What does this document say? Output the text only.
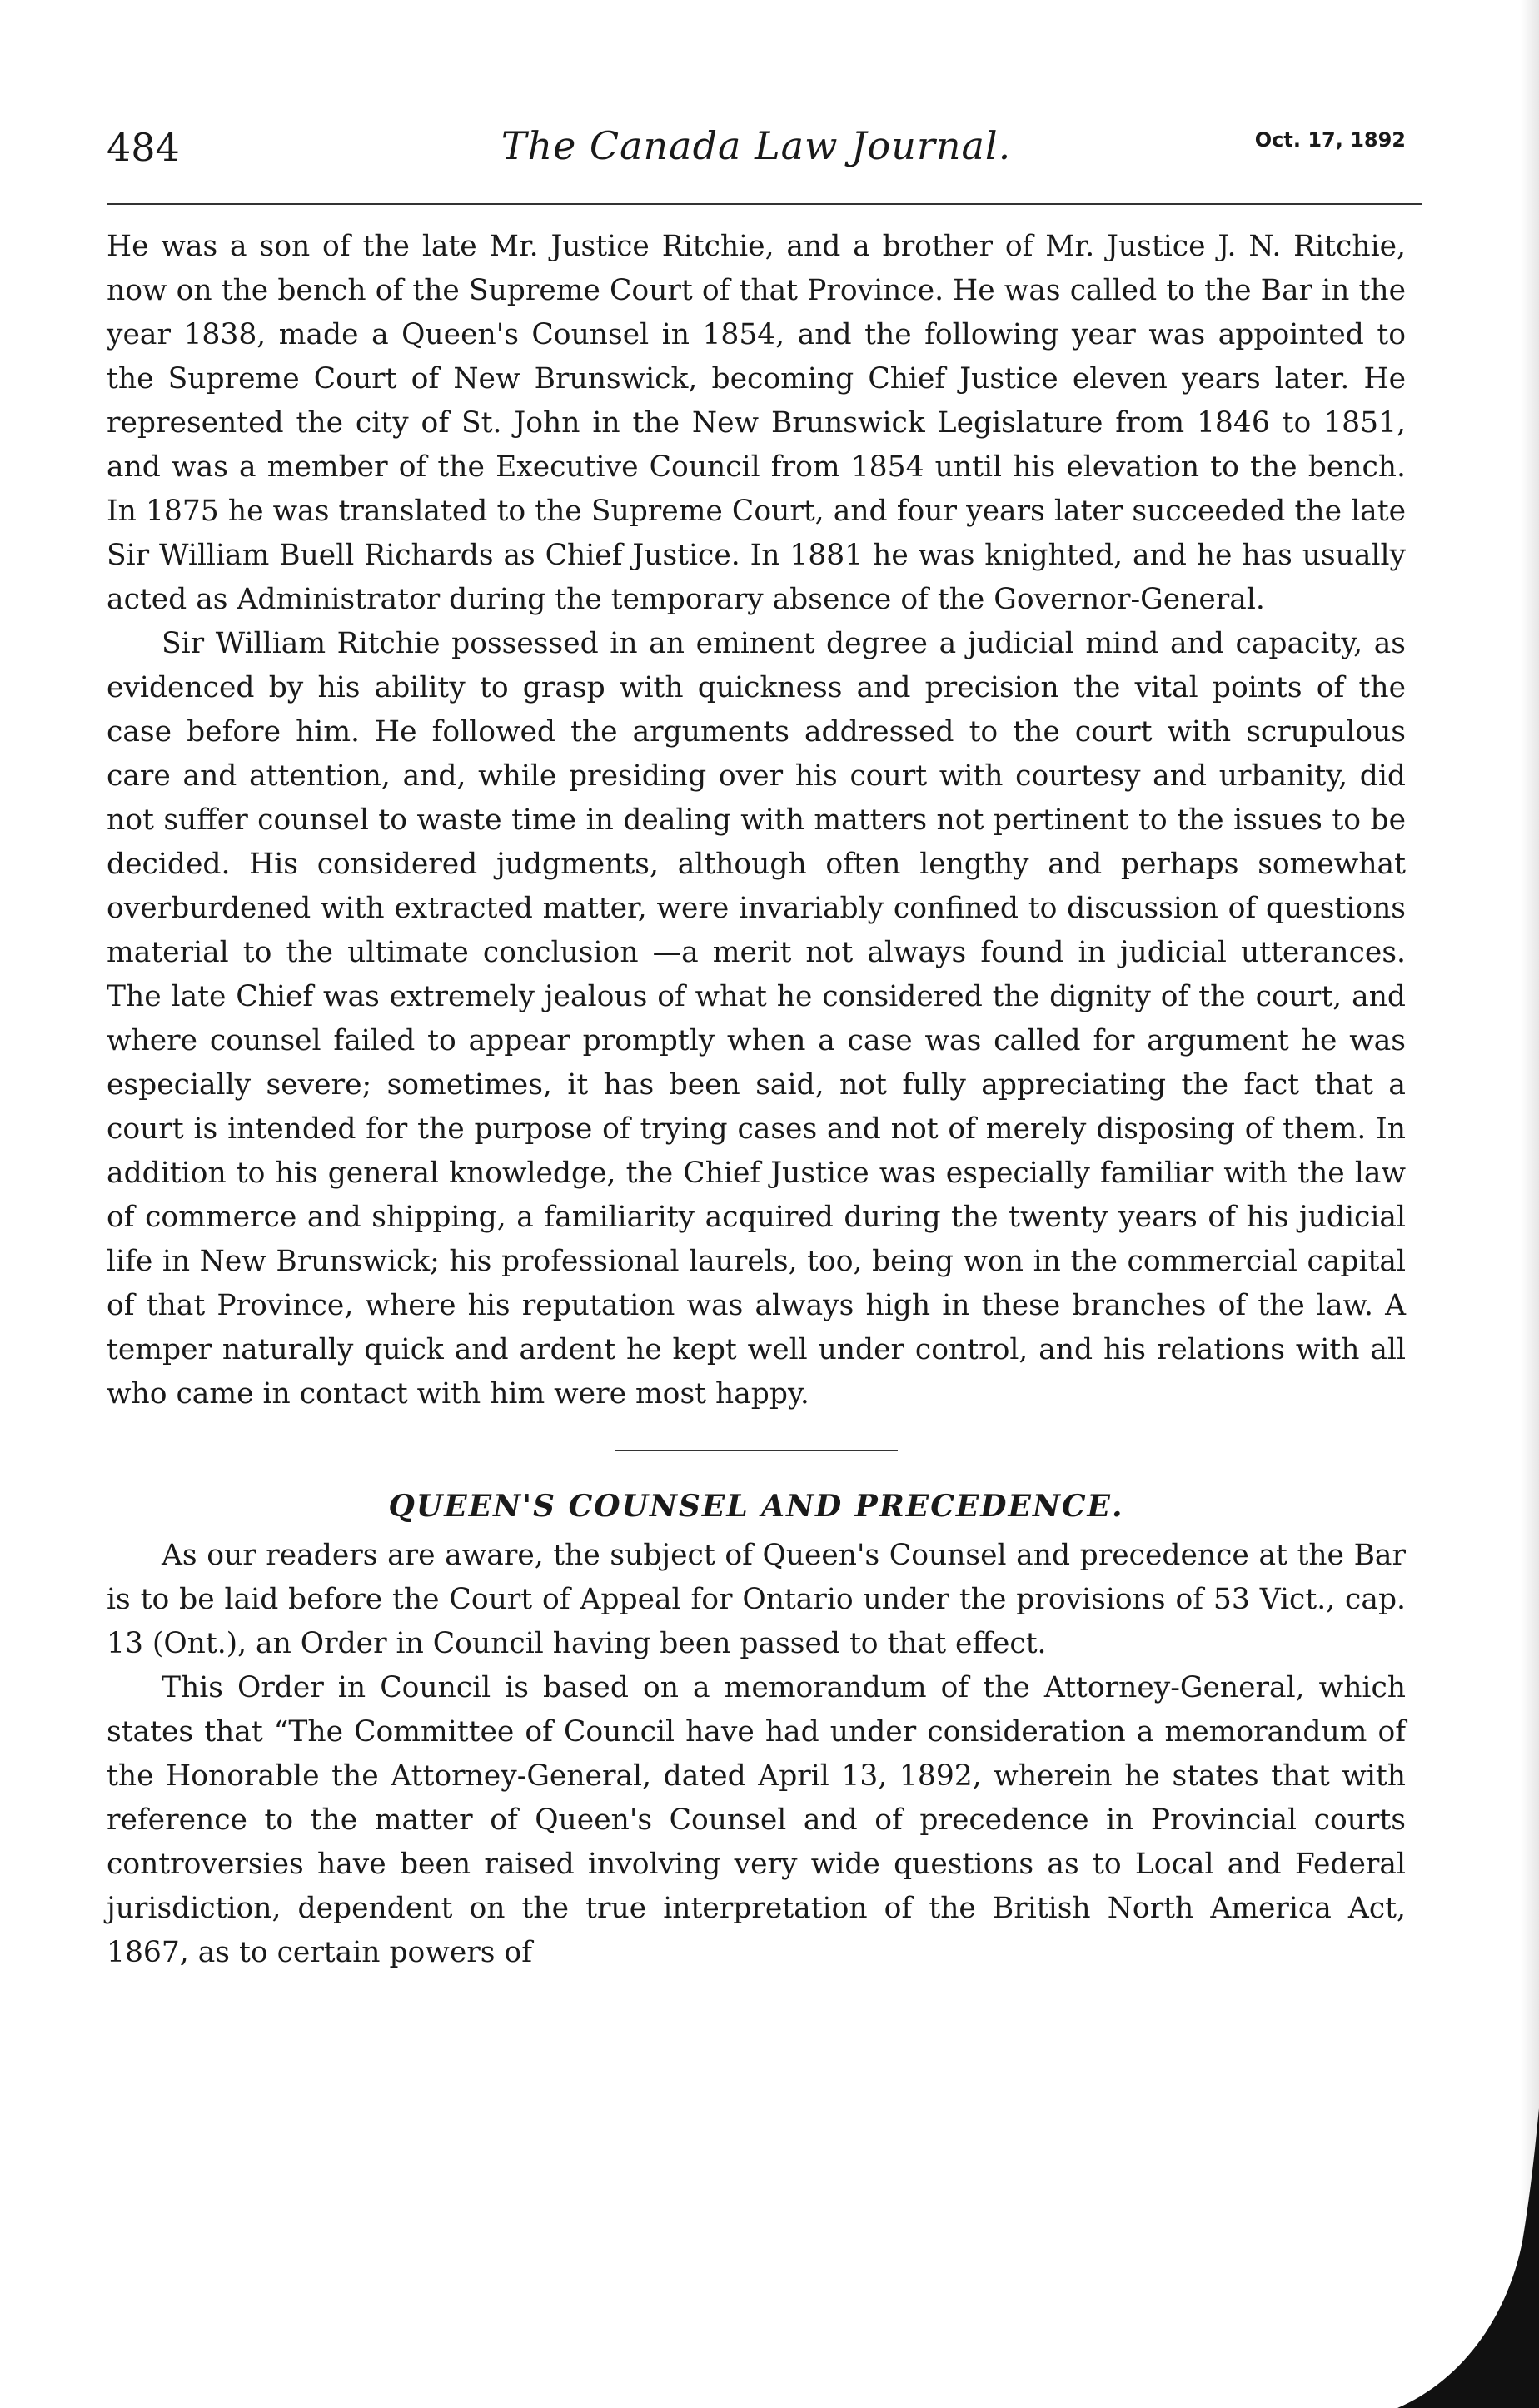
484	The Canada Law Journal.	Oct. 17, 1892

He was a son of the late Mr. Justice Ritchie, and a brother of Mr. Justice J. N. Ritchie, now on the bench of the Supreme Court of that Province. He was called to the Bar in the year 1838, made a Queen's Counsel in 1854, and the following year was appointed to the Supreme Court of New Brunswick, becoming Chief Justice eleven years later. He represented the city of St. John in the New Brunswick Legislature from 1846 to 1851, and was a member of the Executive Council from 1854 until his elevation to the bench. In 1875 he was translated to the Supreme Court, and four years later succeeded the late Sir William Buell Richards as Chief Justice. In 1881 he was knighted, and he has usually acted as Administrator during the temporary absence of the Governor-General.

Sir William Ritchie possessed in an eminent degree a judicial mind and capacity, as evidenced by his ability to grasp with quickness and precision the vital points of the case before him. He followed the arguments addressed to the court with scrupulous care and attention, and, while presiding over his court with courtesy and urbanity, did not suffer counsel to waste time in dealing with matters not pertinent to the issues to be decided. His considered judgments, although often lengthy and perhaps somewhat overburdened with extracted matter, were invariably confined to discussion of questions material to the ultimate conclusion —a merit not always found in judicial utterances. The late Chief was extremely jealous of what he considered the dignity of the court, and where counsel failed to appear promptly when a case was called for argument he was especially severe; sometimes, it has been said, not fully appreciating the fact that a court is intended for the purpose of trying cases and not of merely disposing of them. In addition to his general knowledge, the Chief Justice was especially familiar with the law of commerce and shipping, a familiarity acquired during the twenty years of his judicial life in New Brunswick; his professional laurels, too, being won in the commercial capital of that Province, where his reputation was always high in these branches of the law. A temper naturally quick and ardent he kept well under control, and his relations with all who came in contact with him were most happy.

QUEEN'S COUNSEL AND PRECEDENCE.

As our readers are aware, the subject of Queen's Counsel and precedence at the Bar is to be laid before the Court of Appeal for Ontario under the provisions of 53 Vict., cap. 13 (Ont.), an Order in Council having been passed to that effect.

This Order in Council is based on a memorandum of the Attorney-General, which states that “The Committee of Council have had under consideration a memorandum of the Honorable the Attorney-General, dated April 13, 1892, wherein he states that with reference to the matter of Queen's Counsel and of precedence in Provincial courts controversies have been raised involving very wide questions as to Local and Federal jurisdiction, dependent on the true interpretation of the British North America Act, 1867, as to certain powers of
